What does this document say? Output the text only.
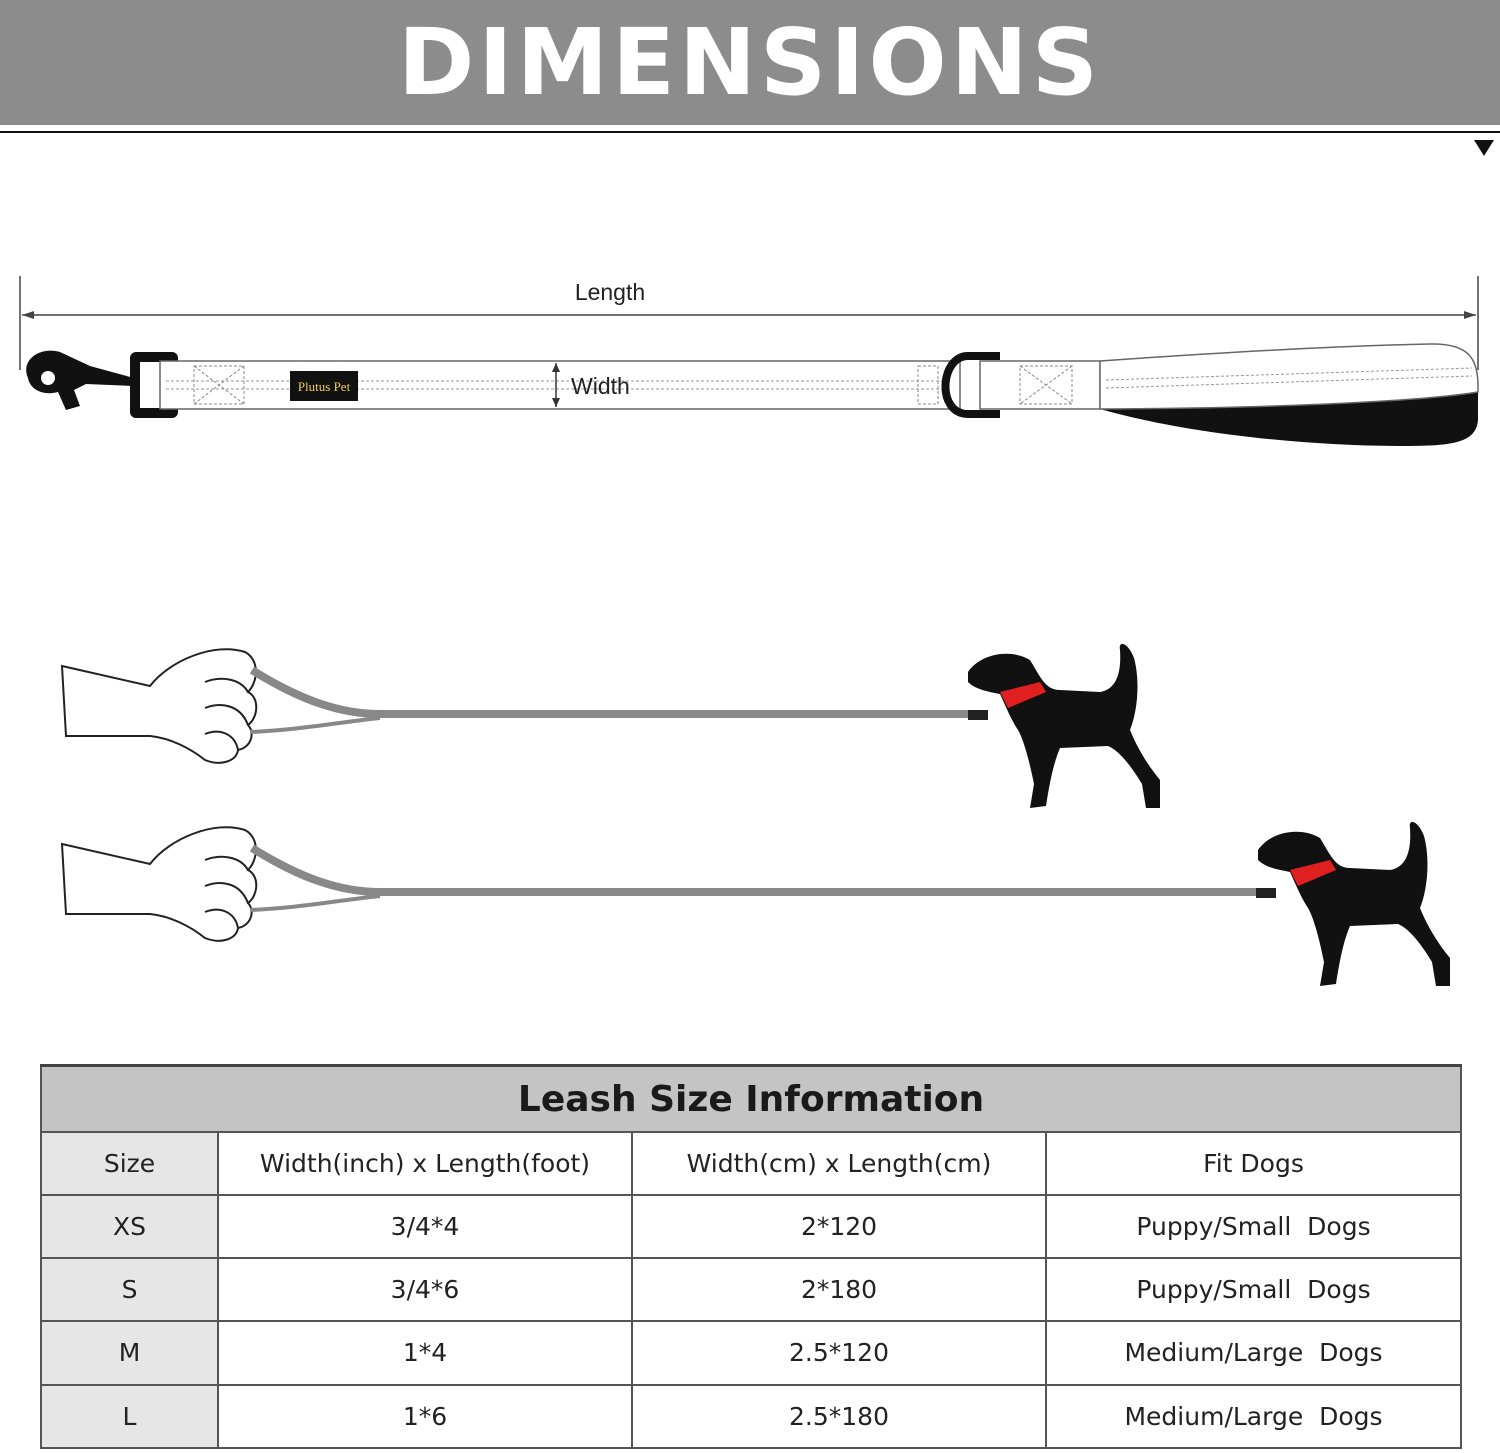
DIMENSIONS
Length
Plutus Pet	Width
Leash Size Information			
Size	Width(inch) x Length(foot)	Width(cm) x Length(cm)	Fit Dogs
XS	3/4*4	2*120	Puppy/Small  Dogs
S	3/4*6	2*180	Puppy/Small  Dogs
M	1*4	2.5*120	Medium/Large  Dogs
L	1*6	2.5*180	Medium/Large  Dogs
